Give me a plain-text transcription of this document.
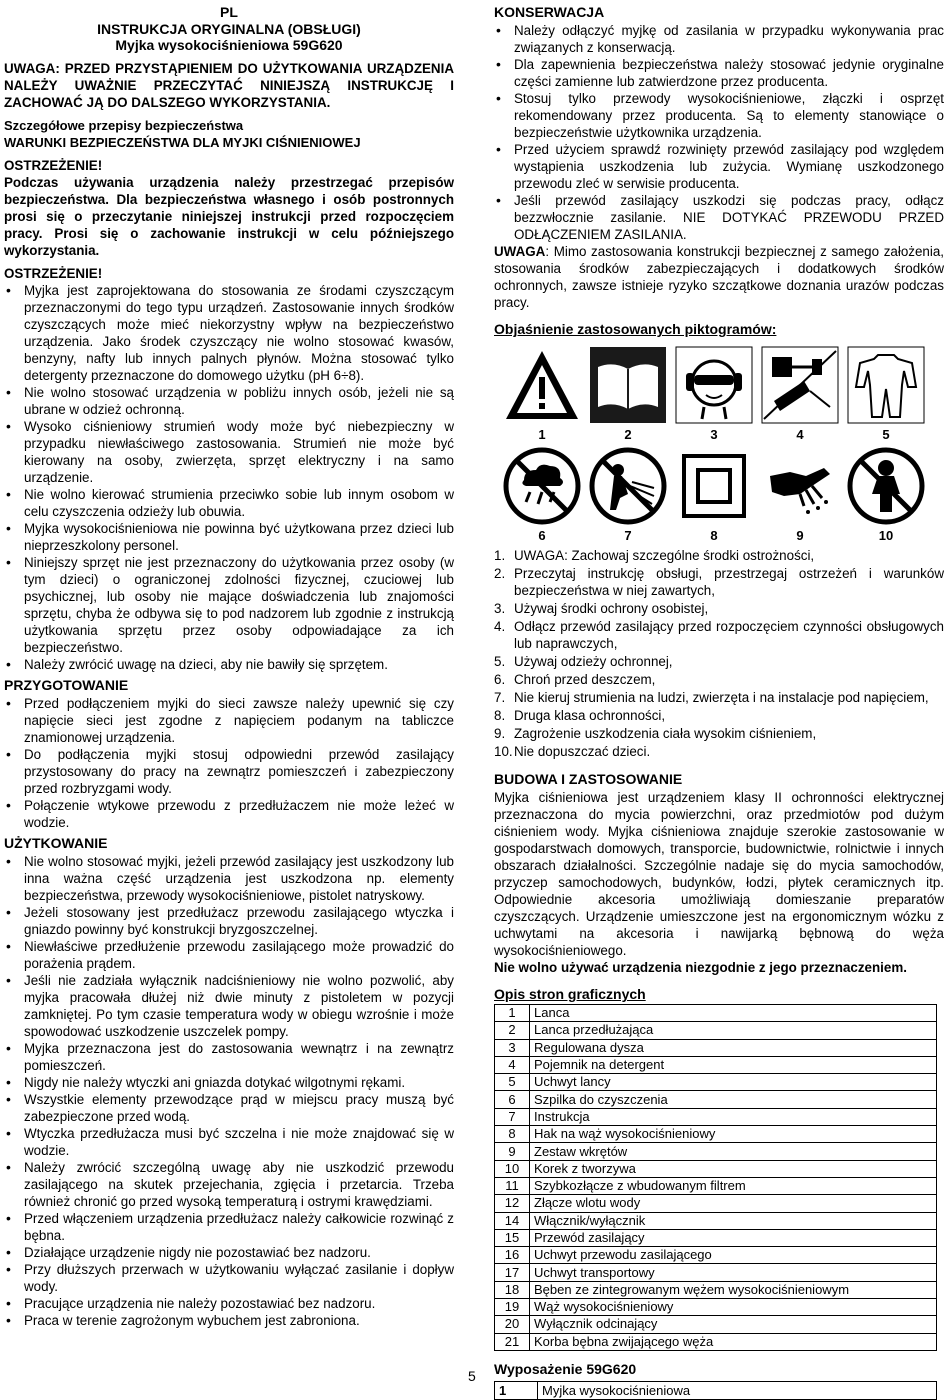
PL
INSTRUKCJA ORYGINALNA (OBSŁUGI)
Myjka wysokociśnieniowa 59G620

UWAGA: PRZED PRZYSTĄPIENIEM DO UŻYTKOWANIA URZĄDZENIA NALEŻY UWAŻNIE PRZECZYTAĆ NINIEJSZĄ INSTRUKCJĘ I ZACHOWAĆ JĄ DO DALSZEGO WYKORZYSTANIA.

Szczegółowe przepisy bezpieczeństwa

WARUNKI BEZPIECZEŃSTWA DLA MYJKI CIŚNIENIOWEJ

OSTRZEŻENIE!

Podczas używania urządzenia należy przestrzegać przepisów bezpieczeństwa. Dla bezpieczeństwa własnego i osób postronnych prosi się o przeczytanie niniejszej instrukcji przed rozpoczęciem pracy. Prosi się o zachowanie instrukcji w celu późniejszego wykorzystania.

OSTRZEŻENIE!

• Myjka jest zaprojektowana do stosowania ze środami czyszczącym przeznaczonymi do tego typu urządzeń. Zastosowanie innych środków czyszczących może mieć niekorzystny wpływ na bezpieczeństwo urządzenia. Jako środek czyszczący nie wolno stosować kwasów, benzyny, nafty lub innych palnych płynów. Można stosować tylko detergenty przeznaczone do domowego użytku (pH 6÷8).
• Nie wolno stosować urządzenia w pobliżu innych osób, jeżeli nie są ubrane w odzież ochronną.
• Wysoko ciśnieniowy strumień wody może być niebezpieczny w przypadku niewłaściwego zastosowania. Strumień nie może być kierowany na osoby, zwierzęta, sprzęt elektryczny i na samo urządzenie.
• Nie wolno kierować strumienia przeciwko sobie lub innym osobom w celu czyszczenia odzieży lub obuwia.
• Myjka wysokociśnieniowa nie powinna być użytkowana przez dzieci lub nieprzeszkolony personel.
• Niniejszy sprzęt nie jest przeznaczony do użytkowania przez osoby (w tym dzieci) o ograniczonej zdolności fizycznej, czuciowej lub psychicznej, lub osoby nie mające doświadczenia lub znajomości sprzętu, chyba że odbywa się to pod nadzorem lub zgodnie z instrukcją użytkowania sprzętu przez osoby odpowiadające za ich bezpieczeństwo.
• Należy zwrócić uwagę na dzieci, aby nie bawiły się sprzętem.
PRZYGOTOWANIE
• Przed podłączeniem myjki do sieci zawsze należy upewnić się czy napięcie sieci jest zgodne z napięciem podanym na tabliczce znamionowej urządzenia.
• Do podłączenia myjki stosuj odpowiedni przewód zasilający przystosowany do pracy na zewnątrz pomieszczeń i zabezpieczony przed rozbryzgami wody.
• Połączenie wtykowe przewodu z przedłużaczem nie może leżeć w wodzie.
UŻYTKOWANIE
• Nie wolno stosować myjki, jeżeli przewód zasilający jest uszkodzony lub inna ważna część urządzenia jest uszkodzona np. elementy bezpieczeństwa, przewody wysokociśnieniowe, pistolet natryskowy.
• Jeżeli stosowany jest przedłużacz przewodu zasilającego wtyczka i gniazdo powinny być konstrukcji bryzgoszczelnej.
• Niewłaściwe przedłużenie przewodu zasilającego może prowadzić do porażenia prądem.
• Jeśli nie zadziała wyłącznik nadciśnieniowy nie wolno pozwolić, aby myjka pracowała dłużej niż dwie minuty z pistoletem w pozycji zamkniętej. Po tym czasie temperatura wody w obiegu wzrośnie i może spowodować uszkodzenie uszczelek pompy.
• Myjka przeznaczona jest do zastosowania wewnątrz i na zewnątrz pomieszczeń.
• Nigdy nie należy wtyczki ani gniazda dotykać wilgotnymi rękami.
• Wszystkie elementy przewodzące prąd w miejscu pracy muszą być zabezpieczone przed wodą.
• Wtyczka przedłużacza musi być szczelna i nie może znajdować się w wodzie.
• Należy zwrócić szczególną uwagę aby nie uszkodzić przewodu zasilającego na skutek przejechania, zgięcia i przetarcia. Trzeba również chronić go przed wysoką temperaturą i ostrymi krawędziami.
• Przed włączeniem urządzenia przedłużacz należy całkowicie rozwinąć z bębna.
• Działające urządzenie nigdy nie pozostawiać bez nadzoru.
• Przy dłuższych przerwach w użytkowaniu wyłączać zasilanie i dopływ wody.
• Pracujące urządzenia nie należy pozostawiać bez nadzoru.
• Praca w terenie zagrożonym wybuchem jest zabroniona.
KONSERWACJA
• Należy odłączyć myjkę od zasilania w przypadku wykonywania prac związanych z konserwacją.
• Dla zapewnienia bezpieczeństwa należy stosować jedynie oryginalne części zamienne lub zatwierdzone przez producenta.
• Stosuj tylko przewody wysokociśnieniowe, złączki i osprzęt rekomendowany przez producenta. Są to elementy stanowiące o bezpieczeństwie użytkownika urządzenia.
• Przed użyciem sprawdź rozwinięty przewód zasilający pod względem wystąpienia uszkodzenia lub zużycia. Wymianę uszkodzonego przewodu zleć w serwisie producenta.
• Jeśli przewód zasilający uszkodzi się podczas pracy, odłącz bezzwłocznie zasilanie. NIE DOTYKAĆ PRZEWODU PRZED ODŁĄCZENIEM ZASILANIA.

UWAGA: Mimo zastosowania konstrukcji bezpiecznej z samego założenia, stosowania środków zabezpieczających i dodatkowych środków ochronnych, zawsze istnieje ryzyko szczątkowe doznania urazów podczas pracy.

Objaśnienie zastosowanych piktogramów:
1	2	3	4	5
6	7	8	9	10
1. UWAGA: Zachowaj szczególne środki ostrożności,
2. Przeczytaj instrukcję obsługi, przestrzegaj ostrzeżeń i warunków bezpieczeństwa w niej zawartych,
3. Używaj środki ochrony osobistej,
4. Odłącz przewód zasilający przed rozpoczęciem czynności obsługowych lub naprawczych,
5. Używaj odzieży ochronnej,
6. Chroń przed deszczem,
7. Nie kieruj strumienia na ludzi, zwierzęta i na instalacje pod napięciem,
8. Druga klasa ochronności,
9. Zagrożenie uszkodzenia ciała wysokim ciśnieniem,
10. Nie dopuszczać dzieci.
BUDOWA I ZASTOSOWANIE

Myjka ciśnieniowa jest urządzeniem klasy II ochronności elektrycznej przeznaczona do mycia powierzchni, oraz przedmiotów pod dużym ciśnieniem wody. Myjka ciśnieniowa znajduje szerokie zastosowanie w gospodarstwach domowych, transporcie, budownictwie, rolnictwie i innych obszarach działalności. Szczególnie nadaje się do mycia samochodów, przyczep samochodowych, budynków, łodzi, płytek ceramicznych itp. Odpowiednie akcesoria umożliwiają domieszanie preparatów czyszczących. Urządzenie umieszczone jest na ergonomicznym wózku z uchwytami na akcesoria i nawijarką bębnową do węża wysokociśnieniowego.

Nie wolno używać urządzenia niezgodnie z jego przeznaczeniem.

Opis stron graficznych
1	Lanca
2	Lanca przedłużająca
3	Regulowana dysza
4	Pojemnik na detergent
5	Uchwyt lancy
6	Szpilka do czyszczenia
7	Instrukcja
8	Hak na wąż wysokociśnieniowy
9	Zestaw wkrętów
10	Korek z tworzywa
11	Szybkozłącze z wbudowanym filtrem
12	Złącze wlotu wody
14	Włącznik/wyłącznik
15	Przewód zasilający
16	Uchwyt przewodu zasilającego
17	Uchwyt transportowy
18	Bęben ze zintegrowanym wężem wysokociśnieniowym
19	Wąż wysokociśnieniowy
20	Wyłącznik odcinający
21	Korba bębna zwijającego węża
Wyposażenie 59G620
1	Myjka wysokociśnieniowa
5
